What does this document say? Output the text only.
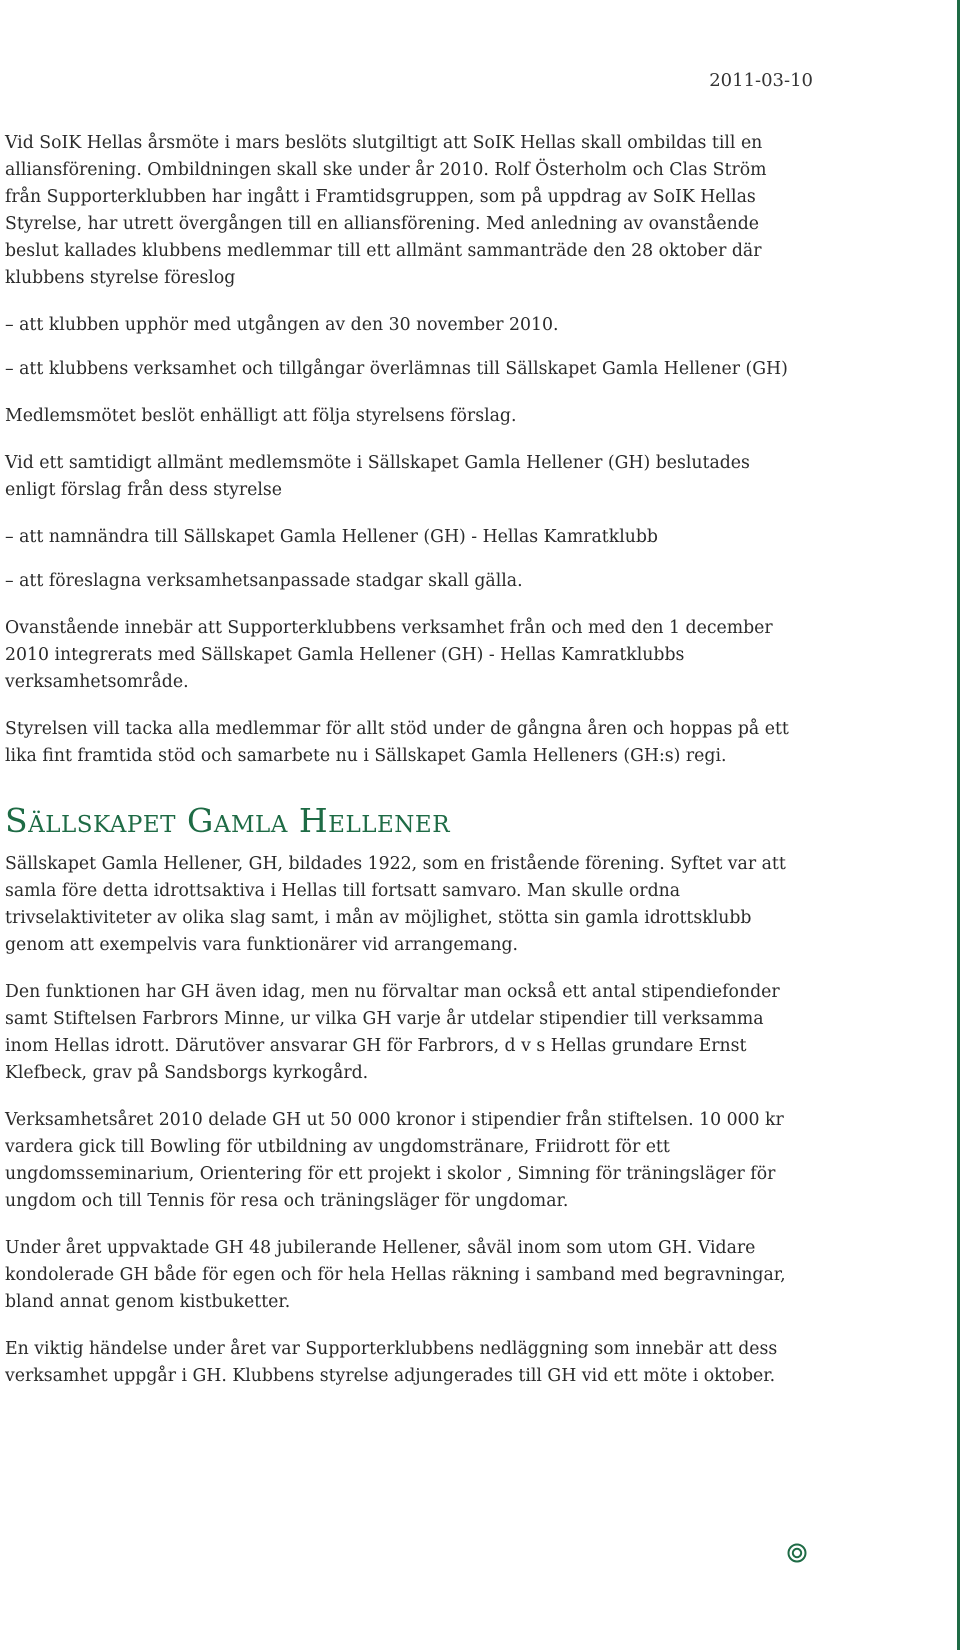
2011-03-10

Vid SoIK Hellas årsmöte i mars beslöts slutgiltigt att SoIK Hellas skall ombildas till en alliansförening. Ombildningen skall ske under år 2010. Rolf Österholm och Clas Ström från Supporterklubben har ingått i Framtidsgruppen, som på uppdrag av SoIK Hellas Styrelse, har utrett övergången till en alliansförening. Med anledning av ovanstående beslut kallades klubbens medlemmar till ett allmänt sammanträde den 28 oktober där klubbens styrelse föreslog

– att klubben upphör med utgången av den 30 november 2010.

– att klubbens verksamhet och tillgångar överlämnas till Sällskapet Gamla Hellener (GH)

Medlemsmötet beslöt enhälligt att följa styrelsens förslag.

Vid ett samtidigt allmänt medlemsmöte i Sällskapet Gamla Hellener (GH) beslutades enligt förslag från dess styrelse

– att namnändra till Sällskapet Gamla Hellener (GH) - Hellas Kamratklubb

– att föreslagna verksamhetsanpassade stadgar skall gälla.

Ovanstående innebär att Supporterklubbens verksamhet från och med den 1 december 2010 integrerats med Sällskapet Gamla Hellener (GH) - Hellas Kamratklubbs verksamhetsområde.

Styrelsen vill tacka alla medlemmar för allt stöd under de gångna åren och hoppas på ett lika fint framtida stöd och samarbete nu i Sällskapet Gamla Helleners (GH:s) regi.

Sällskapet Gamla Hellener

Sällskapet Gamla Hellener, GH, bildades 1922, som en fristående förening. Syftet var att samla före detta idrottsaktiva i Hellas till fortsatt samvaro. Man skulle ordna trivselaktiviteter av olika slag samt, i mån av möjlighet, stötta sin gamla idrottsklubb genom att exempelvis vara funktionärer vid arrangemang.

Den funktionen har GH även idag, men nu förvaltar man också ett antal stipendiefonder samt Stiftelsen Farbrors Minne, ur vilka GH varje år utdelar stipendier till verksamma inom Hellas idrott. Därutöver ansvarar GH för Farbrors, d v s Hellas grundare Ernst Klefbeck, grav på Sandsborgs kyrkogård.

Verksamhetsåret 2010 delade GH ut 50 000 kronor i stipendier från stiftelsen. 10 000 kr vardera gick till Bowling för utbildning av ungdomstränare, Friidrott för ett ungdomsseminarium, Orientering för ett projekt i skolor , Simning för träningsläger för ungdom och till Tennis för resa och träningsläger för ungdomar.

Under året uppvaktade GH 48 jubilerande Hellener, såväl inom som utom GH. Vidare kondolerade GH både för egen och för hela Hellas räkning i samband med begravningar, bland annat genom kistbuketter.

En viktig händelse under året var Supporterklubbens nedläggning som innebär att dess verksamhet uppgår i GH. Klubbens styrelse adjungerades till GH vid ett möte i oktober.
